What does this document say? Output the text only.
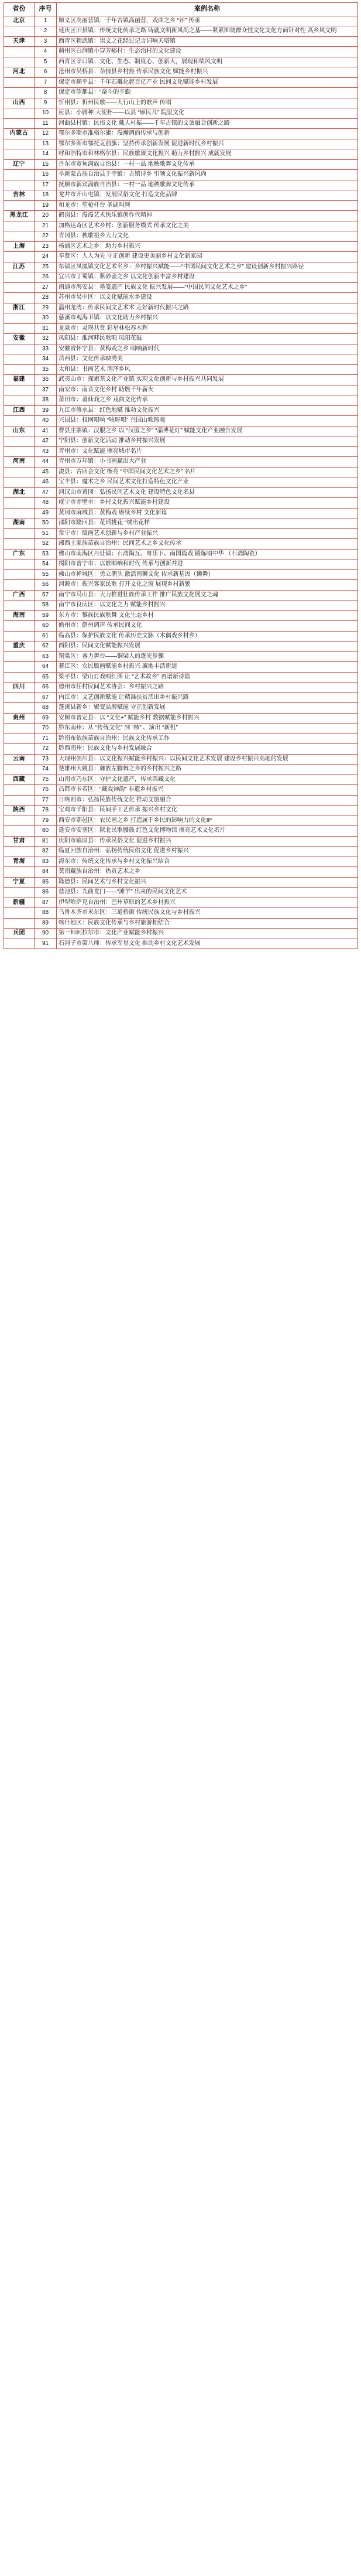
省份	序号	案例名称
北京	1	顺义区高丽营镇：千年古镇高丽营，戏曲之乡 “评” 传承
	2	延庆区旧县镇：传统文化传承之路 铸就文明新风尚之基——紧紧围绕群众性文化文化方面针对性 高乡风文明
天津	3	西青区精武镇：崇文之花经过记言词响天塔镇
	4	蓟州区白涧镇小穿芳峪村：生态治村的文化建设
	5	西青区辛口镇：文化、生态、制度心、创新大，展现和绩风文明
河北	6	沧州市吴桥县：杂技县乡村热 传承民族文化 赋能乡村振兴
	7	保定市顺平县：千年石雕化起百亿产业 民间文化赋能乡村发展
	8	保定市望都县：“奋斗的辛勤
山西	9	忻州县：忻州民歌——大行山上的歌声 传唱
	10	应县：小剧种 大使杯——以县 “雁民儿” 院里文化
	11	河曲县村镇：民俗文化 戴人村振——千年古镇的文旅融合创新之路
内蒙古	12	鄂尔多斯市准格尔旗：漫瀚调的传承与创新
	13	鄂尔多斯市鄂托克前旗：坚持传承创新发展 促进新时代乡村振兴
	14	呼和浩特市和林格尔县：民族歌舞文化振兴 助力乡村振兴 成就发展
辽宁	15	丹东市宽甸满族自治县：一村一品 地秧歌舞文化传承
	16	阜新蒙古族自治县于寺镇：古镇诗乡 引领文化振兴新风尚
	17	抚顺市新宾满族自治县：一村一品 地秧歌舞文化传承
吉林	18	龙井市开山屯镇：发展民俗文化 打造文化品牌
	19	和龙市：笙枪杆台 圣剧叫阿
黑龙江	20	鹤岗县：漫漫艺术快乐镇创作代精神
	21	加格达奇区艺术乡村：创新服务模式 传承文化之美
	22	青冈县：秧歌祖乡大力文化
上海	23	杨浦区艺术之乡：助力乡村振兴
	24	奉贤区：人人为先 守正创新 建设更美丽乡村文化新家园
江苏	25	东镇区凤凰镇文化艺术名乡：乡村振兴赋能——“中国民间文化艺术之乡” 建设创新乡村振兴路径
	26	宜兴市丁蜀镇：紫砂壶之乡 以文化创新丰富乡村建设
	27	南通市海安县：墨笺遗产 民族文化 振兴发展——“中国民间文化艺术之乡”
	28	苏州市吴中区：以文化赋能水乡建设
浙江	29	温州龙湾：传承民间文艺术术 走好新时代振兴之路
	30	慈溪市观海卫镇：以文化助力乡村振兴
	31	龙泉市：灵璞共赏 彩星林松春木辉
安徽	32	凤阳县：淮河畔民歌唱 凤阳花鼓
	33	安徽省怀宁县：黄梅戏之乡 唱响新时代
	34	岳西县：文化传承映秀美
	35	太和县：书画艺术 润泽乡风
福建	36	武夷山市：探索茶文化产业链 实现文化创新与乡村振兴共同发展
	37	南安市：南音文化乡村 助燃千年薪火
	38	莆田市：莆仙戏之乡 戏曲文化传承
江西	39	九江市修水县：红色地赋 推动文化振兴
	40	兴国县：权网唱响 “咳呀唱” 兴国山歌铸魂
山东	41	曹县庄寨镇：汉服之乡 以 “汉服之乡” “淄博花灯” 赋能文化产业融合发展
	42	宁阳县：创新文化活动 推动乡村振兴发展
	43	青州市：文化赋能 擦亮城市名片
河南	44	青州市万年镇：小书画赢出大产业
	45	浚县：古庙会文化 擦亮 “中国民间文化艺术之乡” 名片
	46	宝丰县：魔术之乡 民间艺术文化打造特色文化产业
湖北	47	河汉山市黄冈：弘扬民间艺术文化 建设特色文化名县
	48	咸宁市赤壁市：乡村文化振兴赋能乡村建设
	49	黄冈市麻城县：黄梅戏 赓续乡村 文化新篇
湖南	50	邵阳市隆回县：花瑶挑花 “绣出花样
	51	常宁市：版画艺术创新与乡村产业振兴
	52	湘西土家族苗族自治州：民间艺术之乡文化传承
广东	53	佛山市南海区丹灶镇：石湾陶瓦、粤乐下、南国篇戏 锻炼唱中华 （石湾陶瓷）
	54	揭阳市普宁市：以歌唱响和时代 传承与创新并进
	55	佛山市禅城区：勇立潮头 激活南狮文化 传承新基因（狮舞）
	56	河源市：振兴客家民歌 打开文化之窗 展现乡村新貌
广西	57	南宁市马山县：大力推进壮族传承工作 推广民族文化展文之魂
	58	南宁市良庆区：以文化之力 赋能乡村振兴
海南	59	东方市：黎族民族歌舞 文化生态乡村
	60	儋州市：儋州调声 传承民间文化
	61	临高县：保护民族文化 传承历史文脉（木偶戏乡村乡）
重庆	62	酉阳县：民间文化赋能振兴发展
	63	铜梁区：睿力舞台——铜梁人的逐光步骤
	64	綦江区：农民版画赋能乡村振兴 廉地丰活新道
	65	梁平县：梁山灯戏唱红图 让 “艺术故乡” 再谱新诗篇
四川	66	德州市任村民间艺术协会：乡村振兴之路
	67	内江市：文艺创新赋能 让精准扶贫活出乡村振兴路
	68	蓬溪县新乡：聚变品牌赋能 守正创新发展
贵州	69	安顺市普定县：以 “文化+” 赋能乡村 数据赋能乡村振兴
	70	黔东南州：从 “传统文化” 到 “核” 、演出 “新机”
	71	黔南布依族苗族自治州：民族文化传承工作
	72	黔西南州：民族文化与乡村发展融合
云南	73	大理州剑川县：以文化振兴赋能乡村振兴：以民间文化艺术发展 建设乡村振兴高地的发展
	74	楚雄州大姚县：彝族左脚舞之乡的乡村振兴之路
西藏	75	山南市乃东区：守护文化遗产，传承西藏文化
	76	昌都市卡若区：“藏戏神韵” 非遗乡村振兴
	77	日喀则市：弘扬民族传统文化 推动文旅融合
陕西	78	宝鸡市千阳县：民间手工艺传承 振兴乡村文化
	79	西安市鄠邑区：农民画之乡 打造属于乡民的影响力的文化IP
	80	延安市安塞区：陕北民歌腰鼓 红色文化博物馆 擦亮艺术文化名片
甘肃	81	庆阳市镇原县：传承民俗文化 促进乡村振兴
	82	临夏回族自治州：弘扬传统民俗文化 促进乡村振兴
青海	83	海东市：传统文化传承与乡村文化振兴结合
	84	黄南藏族自治州：热贡艺术之乡
宁夏	85	隆德县：民间艺术与乡村文化振兴
	86	盐池县：九曲龙门——“滩羊” 出来的民间文化艺术
新疆	87	伊犁哈萨克自治州：巴州草原的艺术乡村振兴
	88	乌鲁木齐市米东区：三道桥街 传统民族文化与乡村振兴
	89	喀什地区：民族文化传承与乡村旅游相结合
兵团	90	第一师阿拉尔市：文化产业赋能乡村振兴
	91	石河子市第八师：传承军垦文化 推动乡村文化艺术发展
